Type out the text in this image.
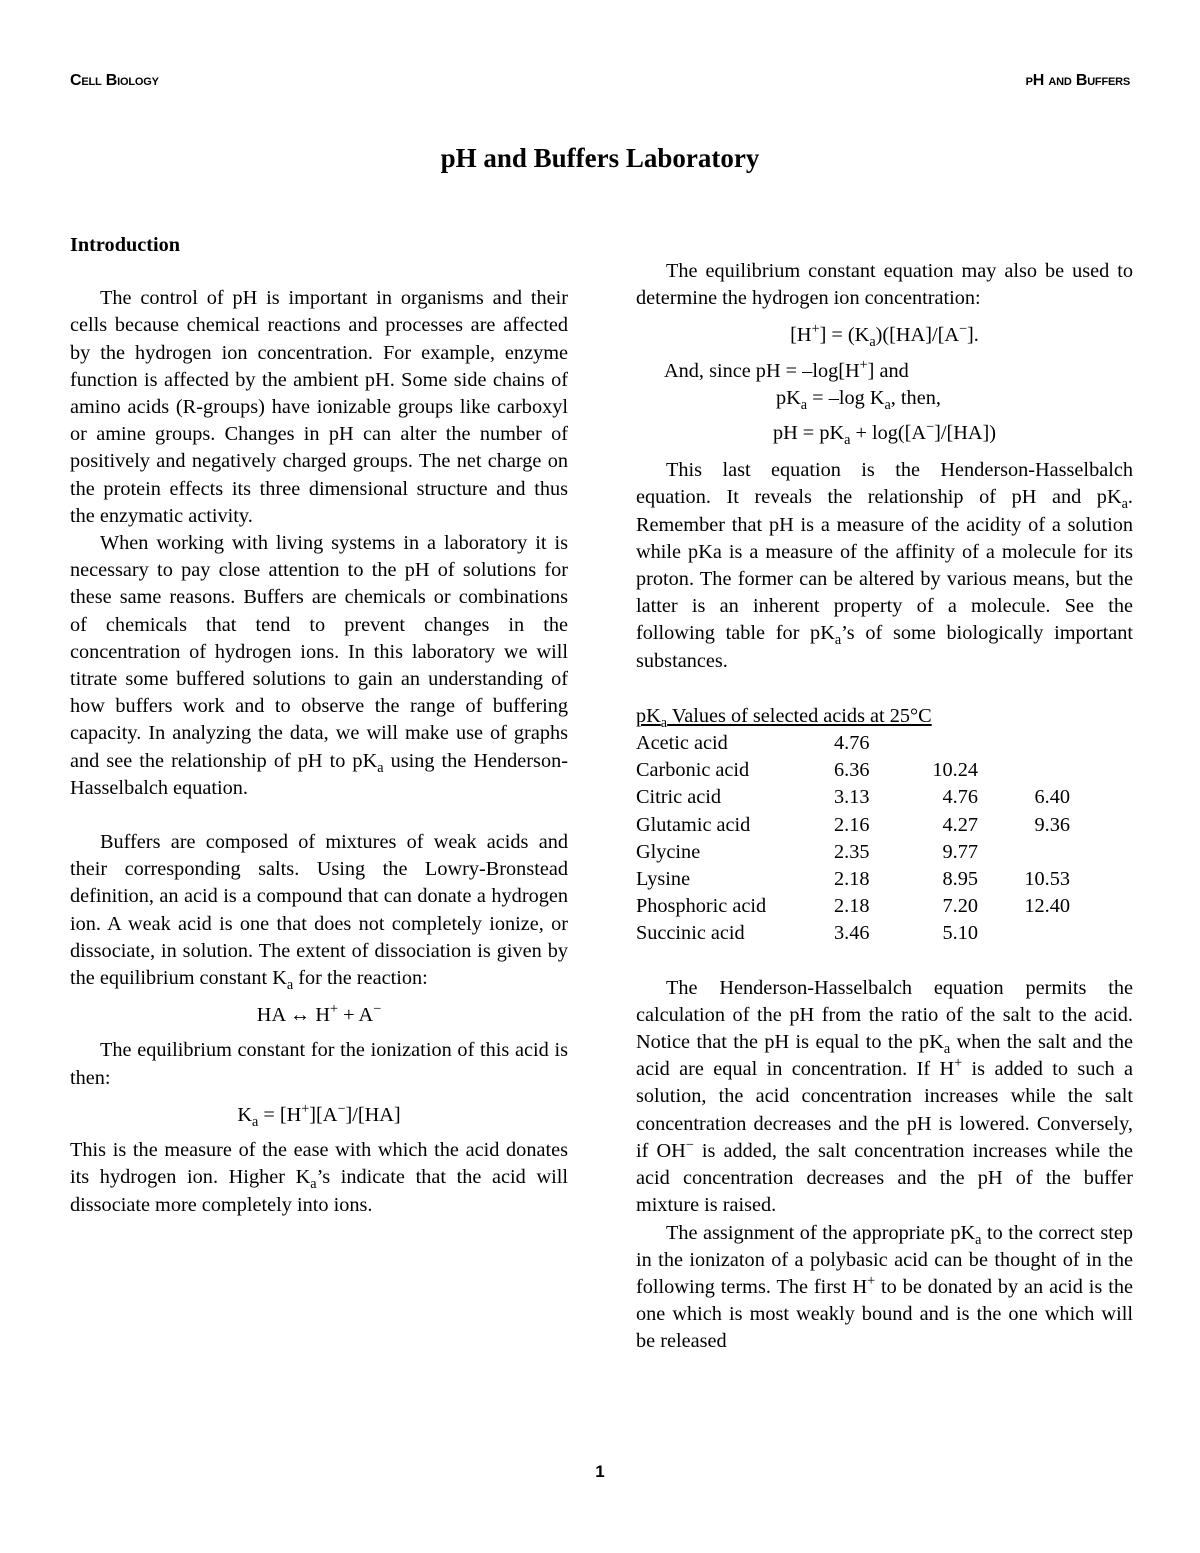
Cell Biology	pH and Buffers
pH and Buffers Laboratory
Introduction

The control of pH is important in organisms and their cells because chemical reactions and processes are affected by the hydrogen ion concentration. For example, enzyme function is affected by the ambient pH. Some side chains of amino acids (R-groups) have ionizable groups like carboxyl or amine groups. Changes in pH can alter the number of positively and negatively charged groups. The net charge on the protein effects its three dimensional structure and thus the enzymatic activity.

When working with living systems in a laboratory it is necessary to pay close attention to the pH of solutions for these same reasons. Buffers are chemicals or combinations of chemicals that tend to prevent changes in the concentration of hydrogen ions. In this laboratory we will titrate some buffered solutions to gain an understanding of how buffers work and to observe the range of buffering capacity. In analyzing the data, we will make use of graphs and see the relationship of pH to $pK_a$ using the Henderson-Hasselbalch equation.

Buffers are composed of mixtures of weak acids and their corresponding salts. Using the Lowry-Bronstead definition, an acid is a compound that can donate a hydrogen ion. A weak acid is one that does not completely ionize, or dissociate, in solution. The extent of dissociation is given by the equilibrium constant $K_a$ for the reaction:

HA ↔ H+ + A−

The equilibrium constant for the ionization of this acid is then:

$K_a = [H^+][A^-]/[HA]$

This is the measure of the ease with which the acid donates its hydrogen ion. Higher $K_a’s$ indicate that the acid will dissociate more completely into ions.

The equilibrium constant equation may also be used to determine the hydrogen ion concentration:

$[H^+] = (K_a)([HA]/[A^-]$.
And, since pH = –log[H+] and
$pK_a = -\log$ $K_a$, then,
pH = $pK_a + \log([A^-]/[HA])$

This last equation is the Henderson-Hasselbalch equation. It reveals the relationship of pH and $pK_a$. Remember that pH is a measure of the acidity of a solution while pKa is a measure of the affinity of a molecule for its proton. The former can be altered by various means, but the latter is an inherent property of a molecule. See the following table for $pK_a’s$ of some biologically important substances.

$pK_a$ Values of selected acids at 25°C
Acetic acid	4.76		
Carbonic acid	6.36	10.24	
Citric acid	3.13	4.76	6.40
Glutamic acid	2.16	4.27	9.36
Glycine	2.35	9.77	
Lysine	2.18	8.95	10.53
Phosphoric acid	2.18	7.20	12.40
Succinic acid	3.46	5.10	

The Henderson-Hasselbalch equation permits the calculation of the pH from the ratio of the salt to the acid. Notice that the pH is equal to the $pK_a$ when the salt and the acid are equal in concentration. If H+ is added to such a solution, the acid concentration increases while the salt concentration decreases and the pH is lowered. Conversely, if OH− is added, the salt concentration increases while the acid concentration decreases and the pH of the buffer mixture is raised.

The assignment of the appropriate $pK_a$ to the correct step in the ionizaton of a polybasic acid can be thought of in the following terms. The first H+ to be donated by an acid is the one which is most weakly bound and is the one which will be released

1
